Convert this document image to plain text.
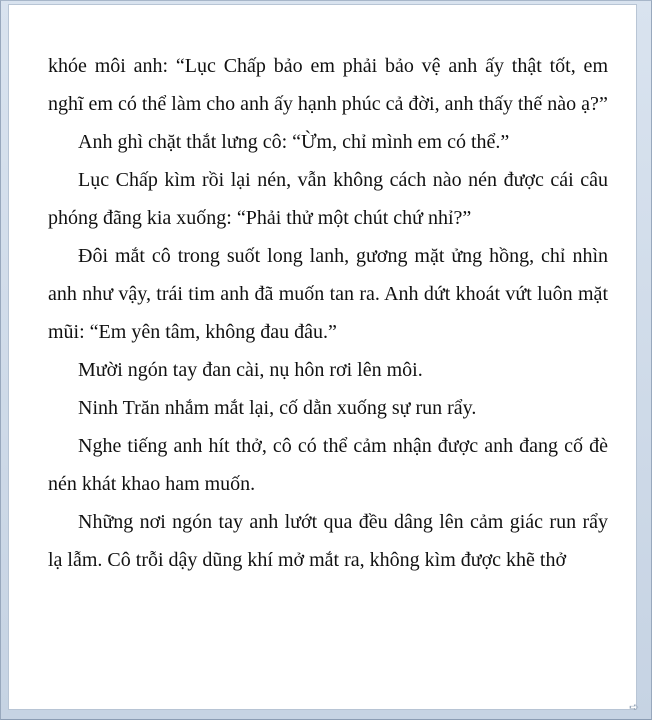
khóe môi anh: “Lục Chấp bảo em phải bảo vệ anh ấy thật tốt, em nghĩ em có thể làm cho anh ấy hạnh phúc cả đời, anh thấy thế nào ạ?”

Anh ghì chặt thắt lưng cô: “Ừm, chỉ mình em có thể.”

Lục Chấp kìm rồi lại nén, vẫn không cách nào nén được cái câu phóng đãng kia xuống: “Phải thử một chút chứ nhỉ?”

Đôi mắt cô trong suốt long lanh, gương mặt ửng hồng, chỉ nhìn anh như vậy, trái tim anh đã muốn tan ra. Anh dứt khoát vứt luôn mặt mũi: “Em yên tâm, không đau đâu.”

Mười ngón tay đan cài, nụ hôn rơi lên môi.

Ninh Trăn nhắm mắt lại, cố dằn xuống sự run rẩy.

Nghe tiếng anh hít thở, cô có thể cảm nhận được anh đang cố đè nén khát khao ham muốn.

Những nơi ngón tay anh lướt qua đều dâng lên cảm giác run rẩy lạ lẫm. Cô trỗi dậy dũng khí mở mắt ra, không kìm được khẽ thở

➪
